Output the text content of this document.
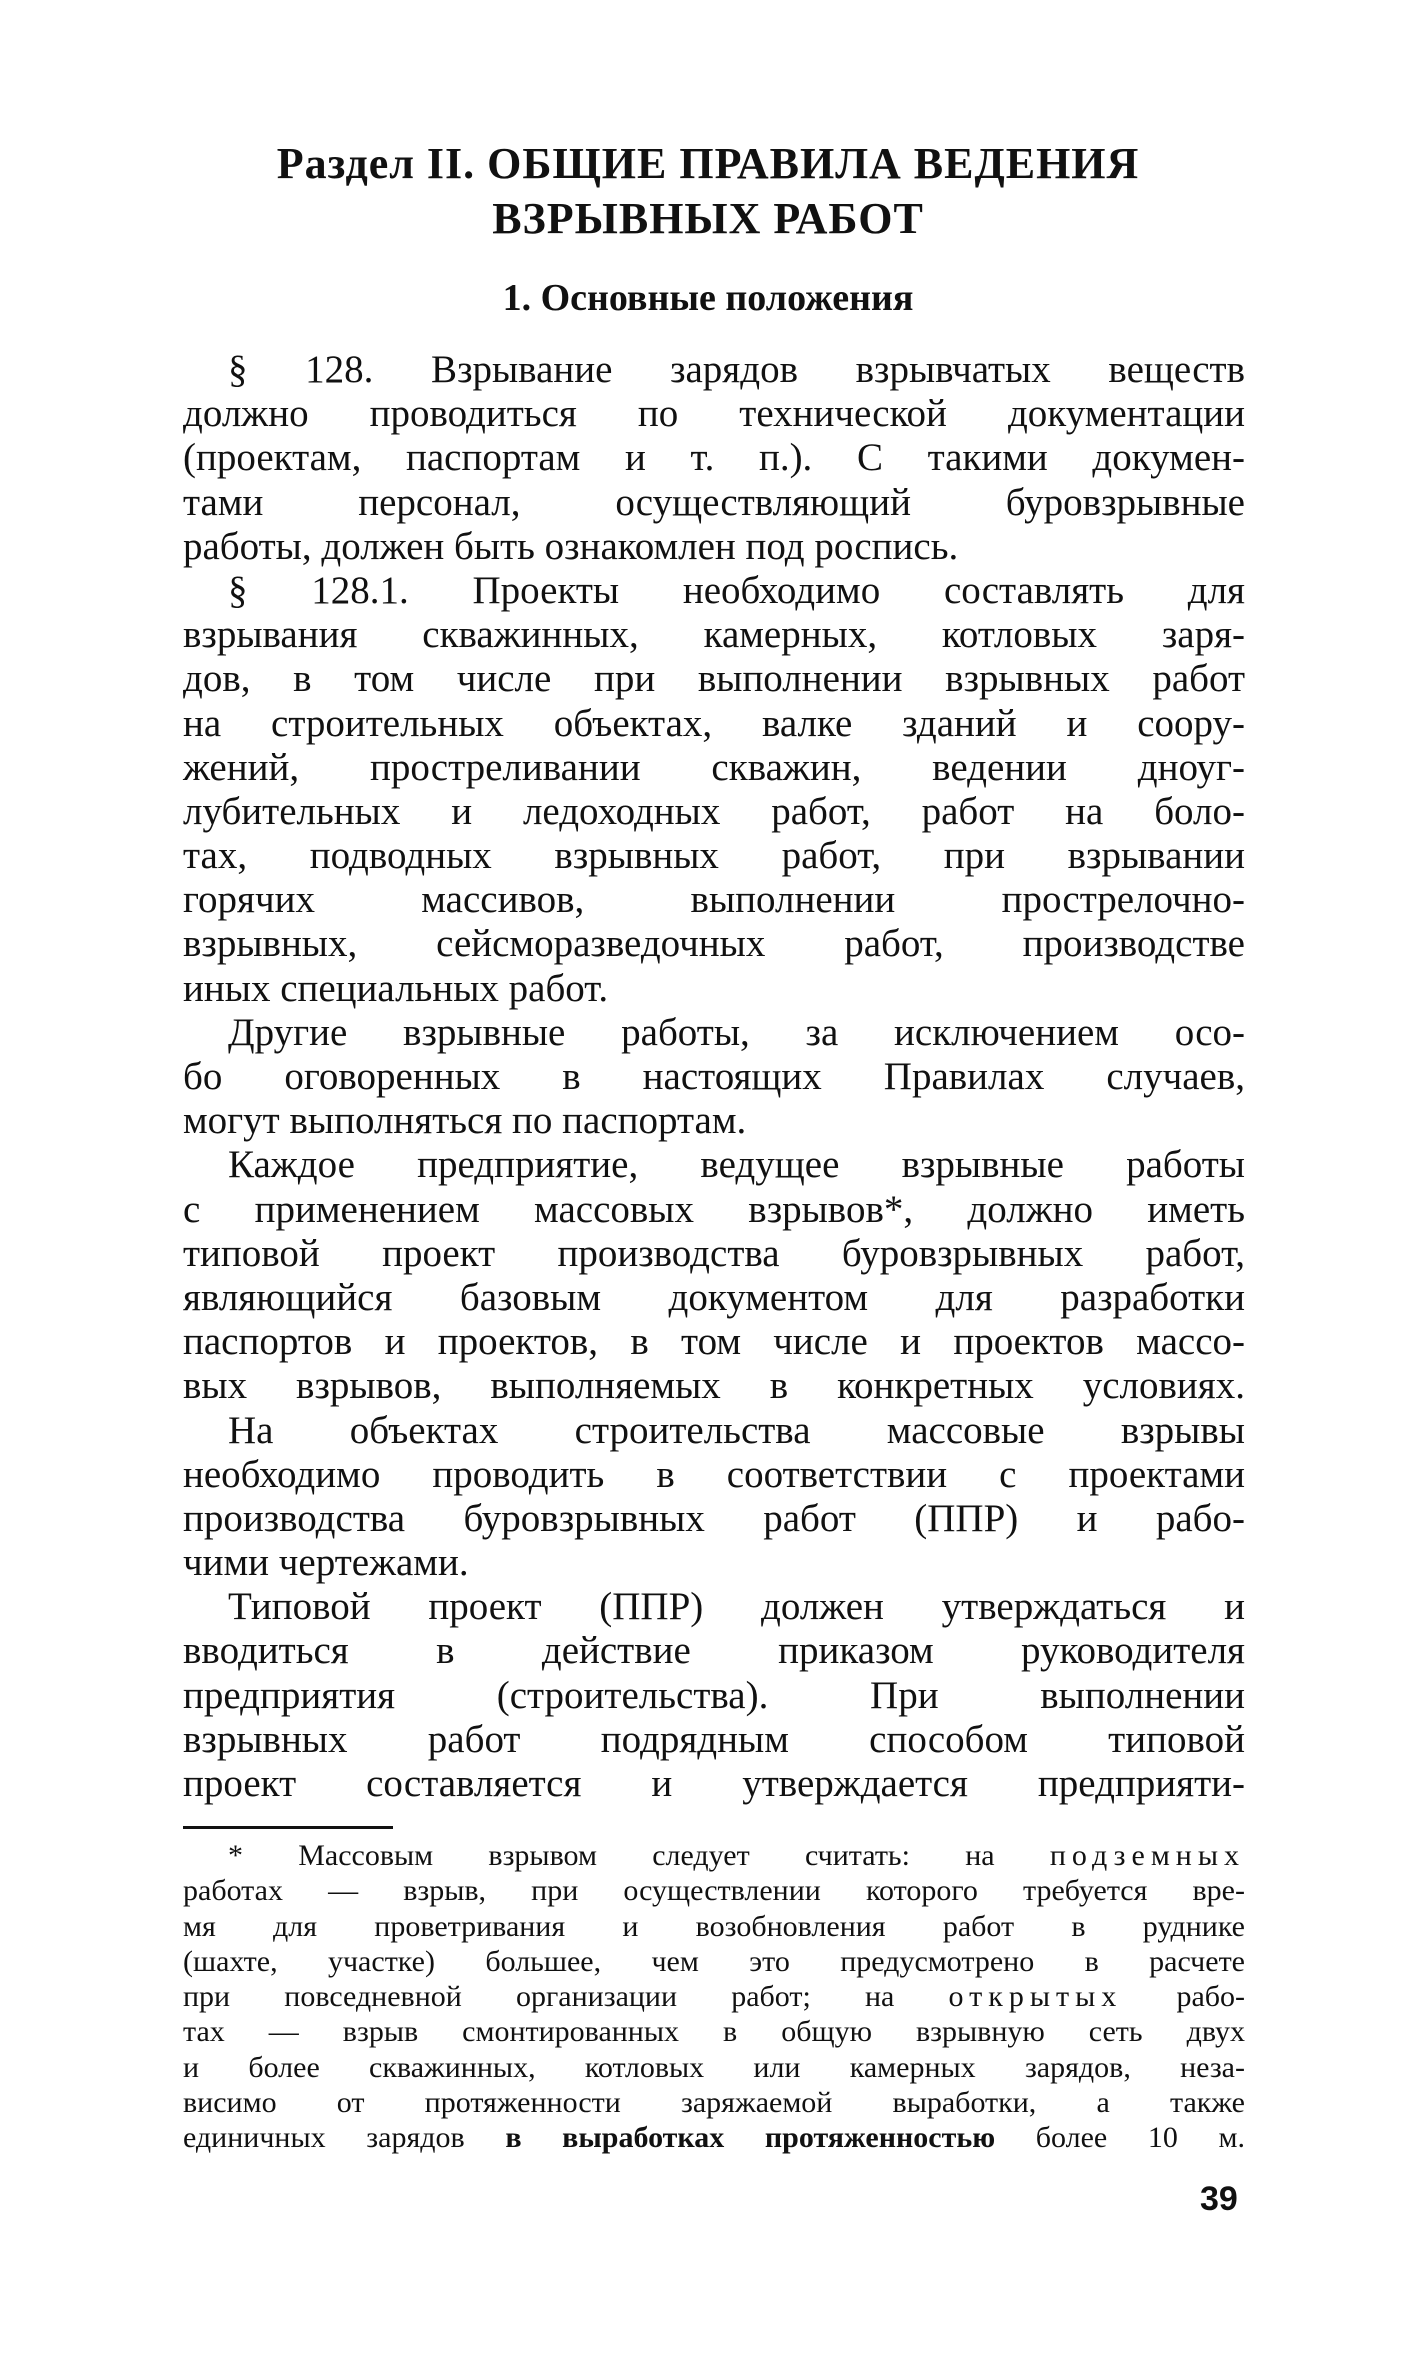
Раздел II. ОБЩИЕ ПРАВИЛА ВЕДЕНИЯ
ВЗРЫВНЫХ РАБОТ
1. Основные положения
§ 128. Взрывание зарядов взрывчатых веществ
должно проводиться по технической документации
(проектам, паспортам и т. п.). С такими докумен-
тами персонал, осуществляющий буровзрывные
работы, должен быть ознакомлен под роспись.
§ 128.1. Проекты необходимо составлять для
взрывания скважинных, камерных, котловых заря-
дов, в том числе при выполнении взрывных работ
на строительных объектах, валке зданий и соору-
жений, простреливании скважин, ведении дноуг-
лубительных и ледоходных работ, работ на боло-
тах, подводных взрывных работ, при взрывании
горячих массивов, выполнении прострелочно-
взрывных, сейсморазведочных работ, производстве
иных специальных работ.
Другие взрывные работы, за исключением осо-
бо оговоренных в настоящих Правилах случаев,
могут выполняться по паспортам.
Каждое предприятие, ведущее взрывные работы
с применением массовых взрывов*, должно иметь
типовой проект производства буровзрывных работ,
являющийся базовым документом для разработки
паспортов и проектов, в том числе и проектов массо-
вых взрывов, выполняемых в конкретных условиях.
На объектах строительства массовые взрывы
необходимо проводить в соответствии с проектами
производства буровзрывных работ (ППР) и рабо-
чими чертежами.
Типовой проект (ППР) должен утверждаться и
вводиться в действие приказом руководителя
предприятия (строительства). При выполнении
взрывных работ подрядным способом типовой
проект составляется и утверждается предприяти-
* Массовым взрывом следует считать: на подземных
работах — взрыв, при осуществлении которого требуется вре-
мя для проветривания и возобновления работ в руднике
(шахте, участке) большее, чем это предусмотрено в расчете
при повседневной организации работ; на открытых рабо-
тах — взрыв смонтированных в общую взрывную сеть двух
и более скважинных, котловых или камерных зарядов, неза-
висимо от протяженности заряжаемой выработки, а также
единичных зарядов в выработках протяженностью более 10 м.
39
